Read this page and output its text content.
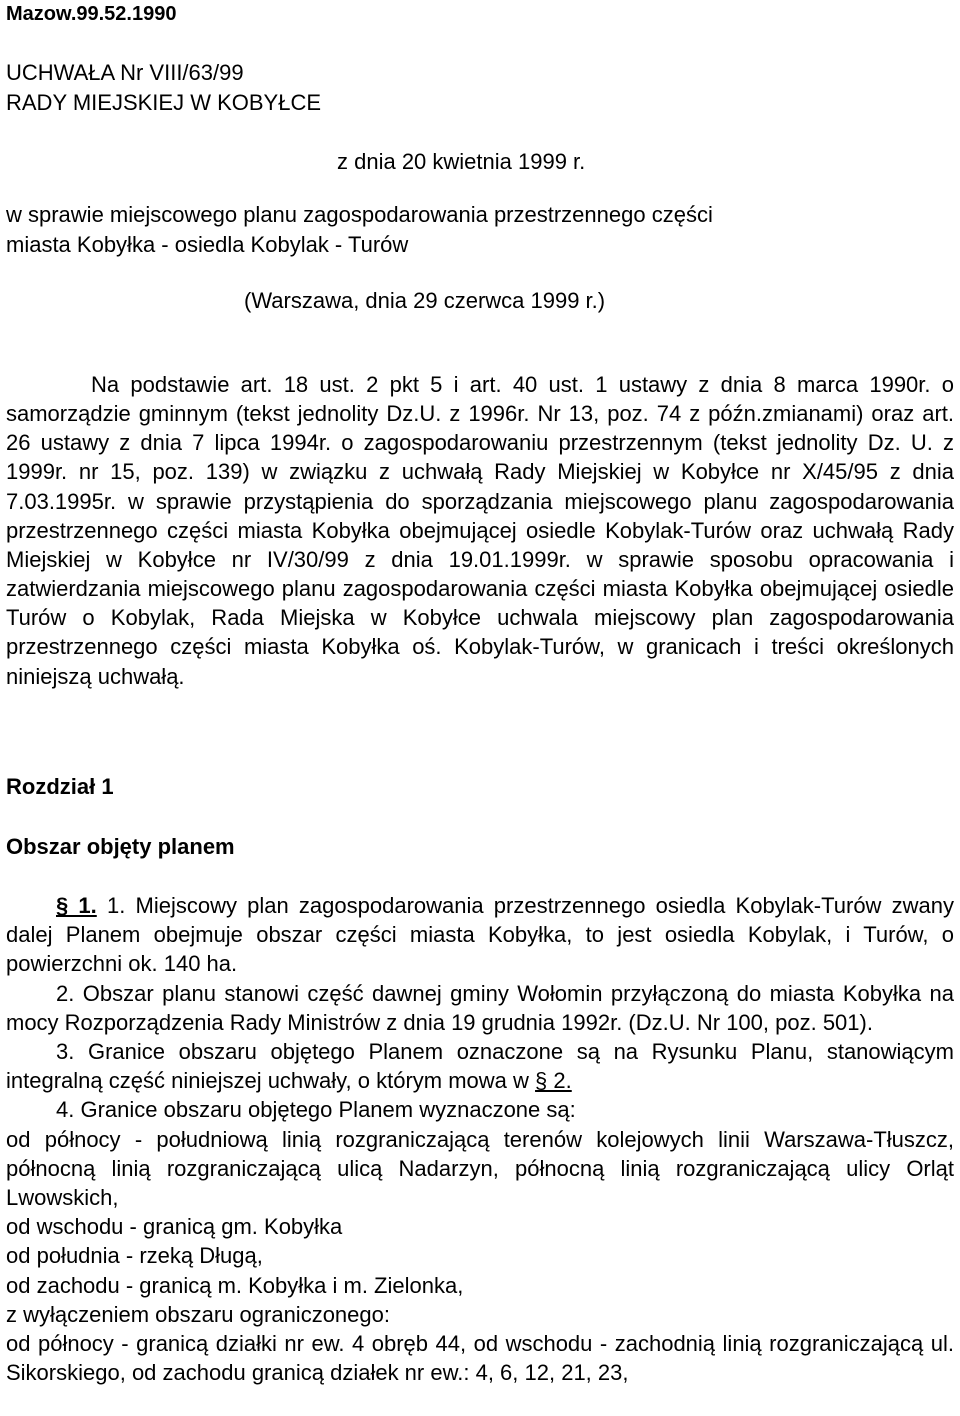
Mazow.99.52.1990
UCHWAŁA Nr VIII/63/99
RADY MIEJSKIEJ W KOBYŁCE
z dnia 20 kwietnia 1999 r.
w sprawie miejscowego planu zagospodarowania przestrzennego części
miasta Kobyłka - osiedla Kobylak - Turów
(Warszawa, dnia 29 czerwca 1999 r.)

Na podstawie art. 18 ust. 2 pkt 5 i art. 40 ust. 1 ustawy z dnia 8 marca 1990r. o samorządzie gminnym (tekst jednolity Dz.U. z 1996r. Nr 13, poz. 74 z późn.zmianami) oraz art. 26 ustawy z dnia 7 lipca 1994r. o zagospodarowaniu przestrzennym (tekst jednolity Dz. U. z 1999r. nr 15, poz. 139) w związku z uchwałą Rady Miejskiej w Kobyłce nr X/45/95 z dnia 7.03.1995r. w sprawie przystąpienia do sporządzania miejscowego planu zagospodarowania przestrzennego części miasta Kobyłka obejmującej osiedle Kobylak-Turów oraz uchwałą Rady Miejskiej w Kobyłce nr IV/30/99 z dnia 19.01.1999r. w sprawie sposobu opracowania i zatwierdzania miejscowego planu zagospodarowania części miasta Kobyłka obejmującej osiedle Turów o Kobylak, Rada Miejska w Kobyłce uchwala miejscowy plan zagospodarowania przestrzennego części miasta Kobyłka oś. Kobylak-Turów, w granicach i treści określonych niniejszą uchwałą.

Rozdział 1
Obszar objęty planem

§ 1. 1. Miejscowy plan zagospodarowania przestrzennego osiedla Kobylak-Turów zwany dalej Planem obejmuje obszar części miasta Kobyłka, to jest osiedla Kobylak, i Turów, o powierzchni ok. 140 ha.

2. Obszar planu stanowi część dawnej gminy Wołomin przyłączoną do miasta Kobyłka na mocy Rozporządzenia Rady Ministrów z dnia 19 grudnia 1992r. (Dz.U. Nr 100, poz. 501).

3. Granice obszaru objętego Planem oznaczone są na Rysunku Planu, stanowiącym integralną część niniejszej uchwały, o którym mowa w § 2.

4. Granice obszaru objętego Planem wyznaczone są:

od północy - południową linią rozgraniczającą terenów kolejowych linii Warszawa-Tłuszcz, północną linią rozgraniczającą ulicą Nadarzyn, północną linią rozgraniczającą ulicy Orląt Lwowskich,

od wschodu - granicą gm. Kobyłka

od południa - rzeką Długą,

od zachodu - granicą m. Kobyłka i m. Zielonka,

z wyłączeniem obszaru ograniczonego:

od północy - granicą działki nr ew. 4 obręb 44, od wschodu - zachodnią linią rozgraniczającą ul. Sikorskiego, od zachodu granicą działek nr ew.: 4, 6, 12, 21, 23,
